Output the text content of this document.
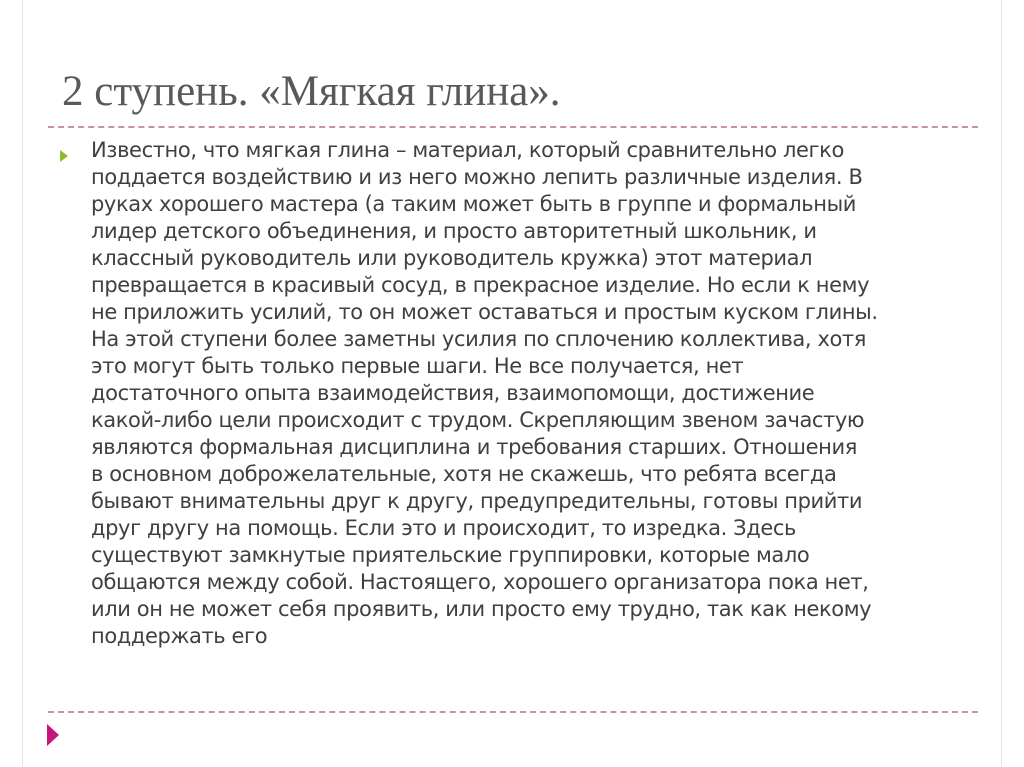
2 ступень. «Мягкая глина».

Известно, что мягкая глина – материал, который сравнительно легко
поддается воздействию и из него можно лепить различные изделия. В
руках хорошего мастера (а таким может быть в группе и формальный
лидер детского объединения, и просто авторитетный школьник, и
классный руководитель или руководитель кружка) этот материал
превращается в красивый сосуд, в прекрасное изделие. Но если к нему
не приложить усилий, то он может оставаться и простым куском глины.
На этой ступени более заметны усилия по сплочению коллектива, хотя
это могут быть только первые шаги. Не все получается, нет
достаточного опыта взаимодействия, взаимопомощи, достижение
какой-либо цели происходит с трудом. Скрепляющим звеном зачастую
являются формальная дисциплина и требования старших. Отношения
в основном доброжелательные, хотя не скажешь, что ребята всегда
бывают внимательны друг к другу, предупредительны, готовы прийти
друг другу на помощь. Если это и происходит, то изредка. Здесь
существуют замкнутые приятельские группировки, которые мало
общаются между собой. Настоящего, хорошего организатора пока нет,
или он не может себя проявить, или просто ему трудно, так как некому
поддержать его
